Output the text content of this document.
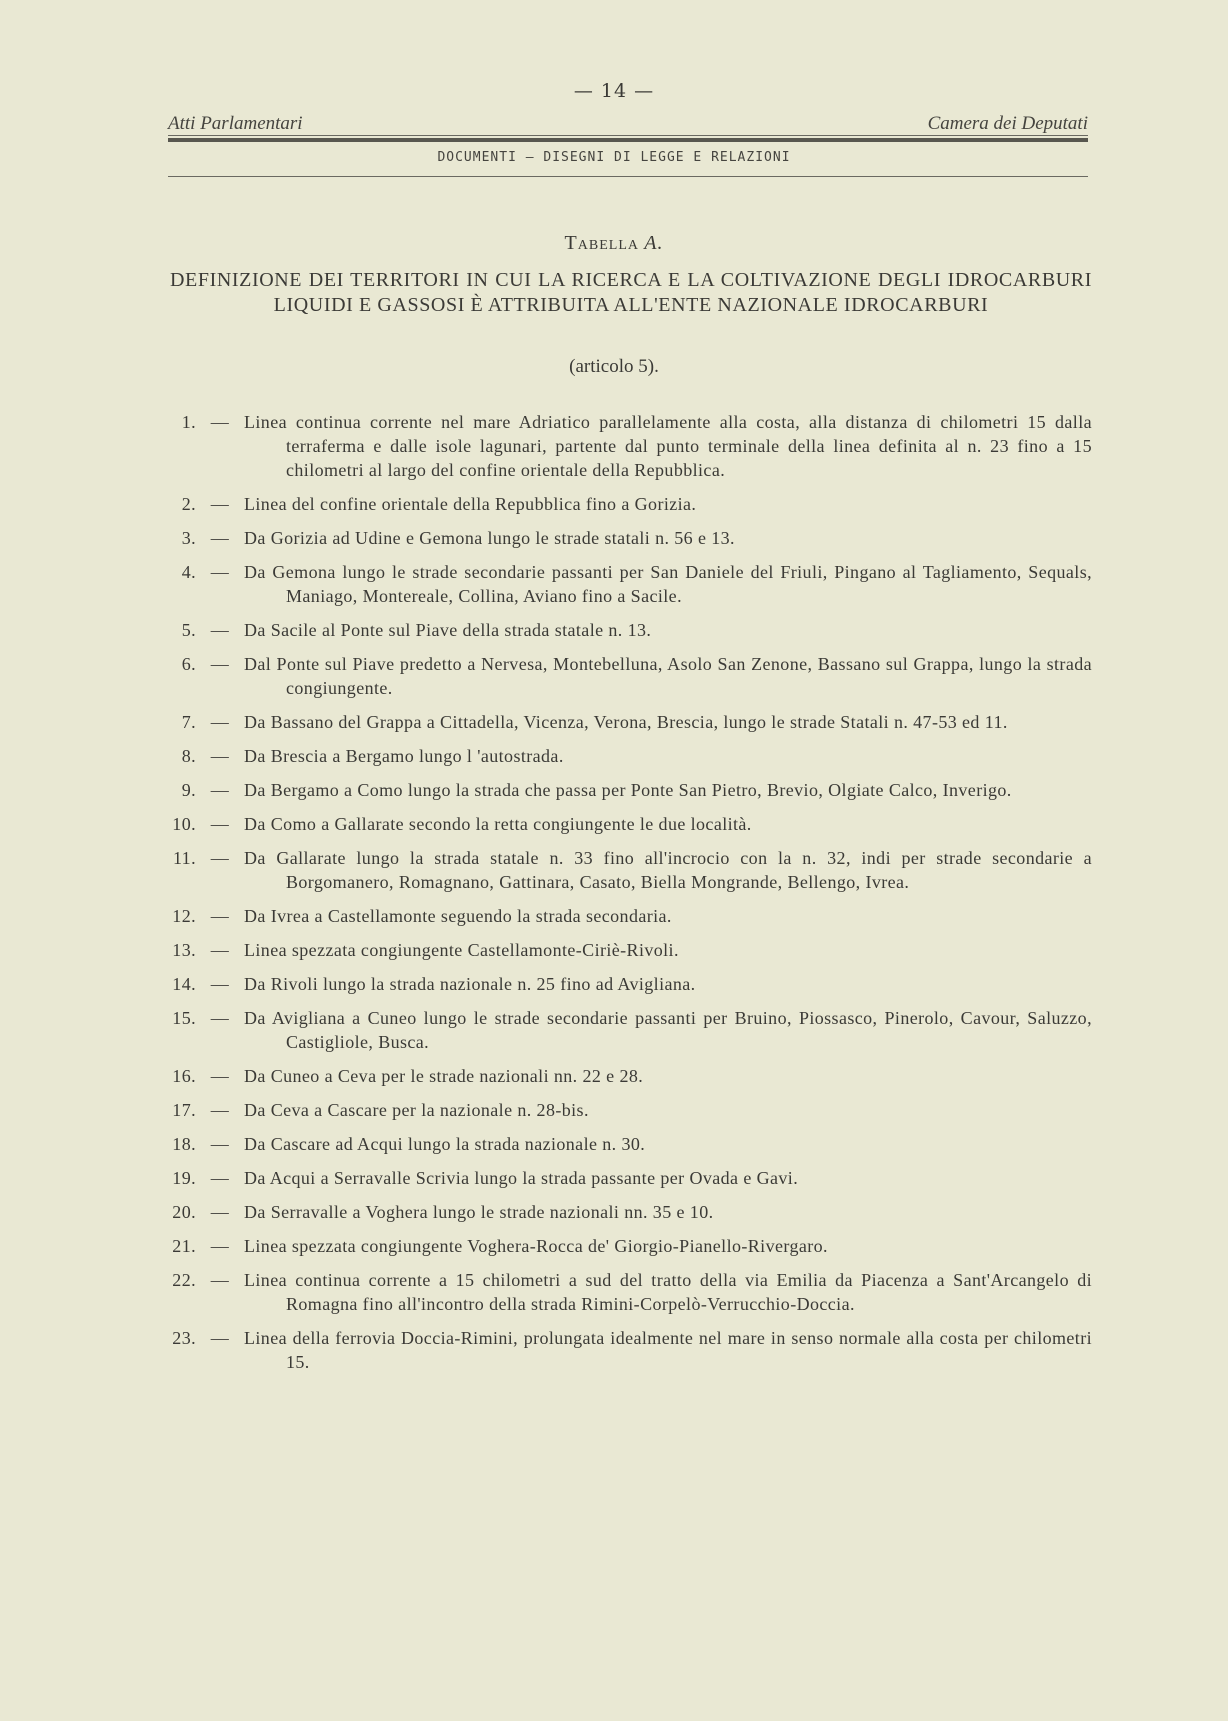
— 14 —
Atti Parlamentari	Camera dei Deputati
DOCUMENTI — DISEGNI DI LEGGE E RELAZIONI
Tabella A.
DEFINIZIONE DEI TERRITORI IN CUI LA RICERCA E LA COLTIVAZIONE DEGLI IDROCARBURI LIQUIDI E GASSOSI È ATTRIBUITA ALL'ENTE NAZIONALE IDROCARBURI
(articolo 5).
1. — Linea continua corrente nel mare Adriatico parallelamente alla costa, alla distanza di chilometri 15 dalla terraferma e dalle isole lagunari, partente dal punto terminale della linea definita al n. 23 fino a 15 chilometri al largo del confine orientale della Repubblica.
2. — Linea del confine orientale della Repubblica fino a Gorizia.
3. — Da Gorizia ad Udine e Gemona lungo le strade statali n. 56 e 13.
4. — Da Gemona lungo le strade secondarie passanti per San Daniele del Friuli, Pingano al Tagliamento, Sequals, Maniago, Montereale, Collina, Aviano fino a Sacile.
5. — Da Sacile al Ponte sul Piave della strada statale n. 13.
6. — Dal Ponte sul Piave predetto a Nervesa, Montebelluna, Asolo San Zenone, Bassano sul Grappa, lungo la strada congiungente.
7. — Da Bassano del Grappa a Cittadella, Vicenza, Verona, Brescia, lungo le strade Statali n. 47-53 ed 11.
8. — Da Brescia a Bergamo lungo l 'autostrada.
9. — Da Bergamo a Como lungo la strada che passa per Ponte San Pietro, Brevio, Olgiate Calco, Inverigo.
10. — Da Como a Gallarate secondo la retta congiungente le due località.
11. — Da Gallarate lungo la strada statale n. 33 fino all'incrocio con la n. 32, indi per strade secondarie a Borgomanero, Romagnano, Gattinara, Casato, Biella Mongrande, Bellengo, Ivrea.
12. — Da Ivrea a Castellamonte seguendo la strada secondaria.
13. — Linea spezzata congiungente Castellamonte-Ciriè-Rivoli.
14. — Da Rivoli lungo la strada nazionale n. 25 fino ad Avigliana.
15. — Da Avigliana a Cuneo lungo le strade secondarie passanti per Bruino, Piossasco, Pinerolo, Cavour, Saluzzo, Castigliole, Busca.
16. — Da Cuneo a Ceva per le strade nazionali nn. 22 e 28.
17. — Da Ceva a Cascare per la nazionale n. 28-bis.
18. — Da Cascare ad Acqui lungo la strada nazionale n. 30.
19. — Da Acqui a Serravalle Scrivia lungo la strada passante per Ovada e Gavi.
20. — Da Serravalle a Voghera lungo le strade nazionali nn. 35 e 10.
21. — Linea spezzata congiungente Voghera-Rocca de' Giorgio-Pianello-Rivergaro.
22. — Linea continua corrente a 15 chilometri a sud del tratto della via Emilia da Piacenza a Sant'Arcangelo di Romagna fino all'incontro della strada Rimini-Corpelò-Verrucchio-Doccia.
23. — Linea della ferrovia Doccia-Rimini, prolungata idealmente nel mare in senso normale alla costa per chilometri 15.
